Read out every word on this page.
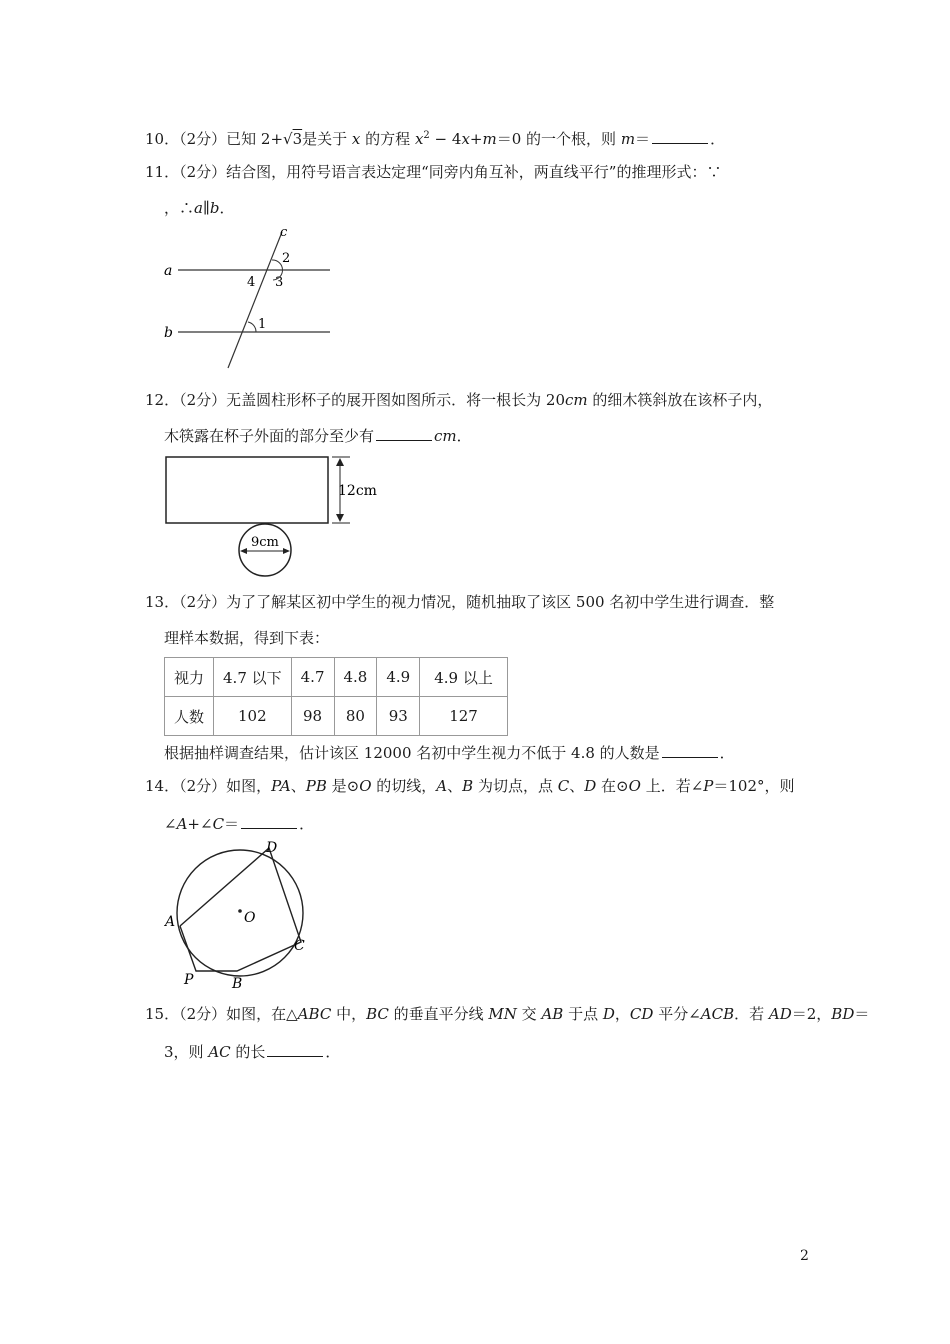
10．（2分）已知 2+√3是关于 x 的方程 $x^2 - 4x+m=0$ 的一个根，则 m＝	．
11．（2分）结合图，用符号语言表达定理“同旁内角互补，两直线平行”的推理形式：∵
，∴a∥b．
a
b
c
1
2
3
4
12．（2分）无盖圆柱形杯子的展开图如图所示．将一根长为 20cm 的细木筷斜放在该杯子内，
木筷露在杯子外面的部分至少有	cm．
12cm
9cm
13．（2分）为了了解某区初中学生的视力情况，随机抽取了该区 500 名初中学生进行调查．整
理样本数据，得到下表：
视力	4.7 以下	4.7	4.8	4.9	4.9 以上
人数	102	98	80	93	127
根据抽样调查结果，估计该区 12000 名初中学生视力不低于 4.8 的人数是	．
14．（2分）如图，PA、PB 是⊙O 的切线，A、B 为切点，点 C、D 在⊙O 上．若∠P＝102°，则
∠A+∠C＝	．
O
A
D
C
B
P
15．（2分）如图，在△ABC 中，BC 的垂直平分线 MN 交 AB 于点 D，CD 平分∠ACB．若 AD＝2，BD＝
3，则 AC 的长	．
2
